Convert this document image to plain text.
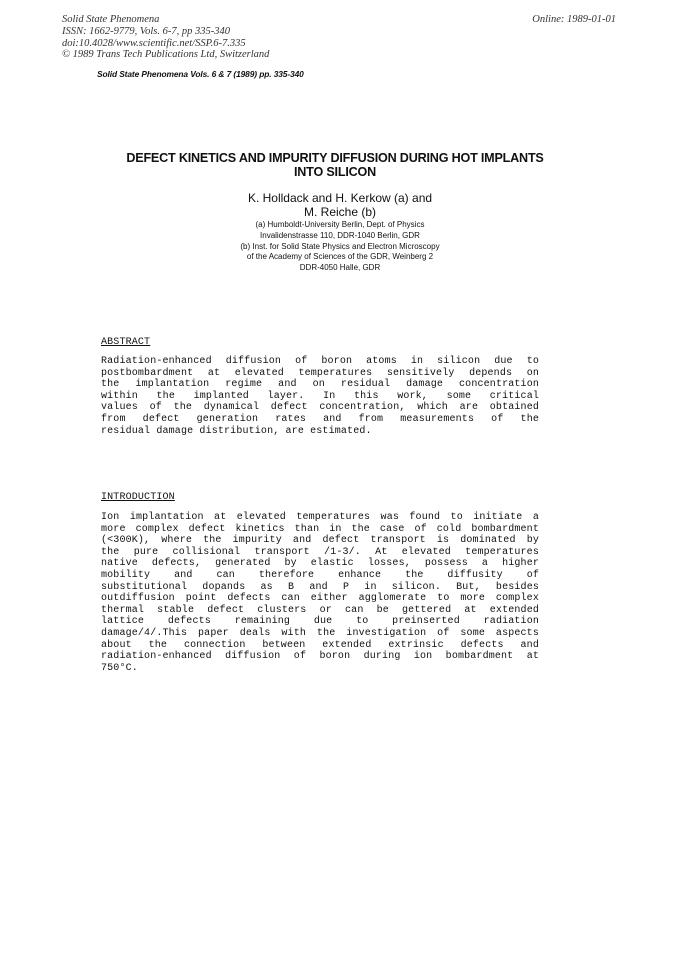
Solid State Phenomena
ISSN: 1662-9779, Vols. 6-7, pp 335-340
doi:10.4028/www.scientific.net/SSP.6-7.335
© 1989 Trans Tech Publications Ltd, Switzerland
Online: 1989-01-01
Solid State Phenomena Vols. 6 & 7 (1989) pp. 335-340
DEFECT KINETICS AND IMPURITY DIFFUSION DURING HOT IMPLANTS
INTO SILICON
K. Holldack and H. Kerkow (a) and
M. Reiche (b)
(a) Humboldt-University Berlin, Dept. of Physics
Invalidenstrasse 110, DDR-1040 Berlin, GDR
(b) Inst. for Solid State Physics and Electron Microscopy
of the Academy of Sciences of the GDR, Weinberg 2
DDR-4050 Halle, GDR
ABSTRACT
Radiation-enhanced diffusion of boron atoms in silicon due to
postbombardment at elevated temperatures sensitively depends on
the implantation regime and on residual damage concentration
within the implanted layer. In this work, some critical
values of the dynamical defect concentration, which are obtained
from defect generation rates and from measurements of the
residual damage distribution, are estimated.
INTRODUCTION
Ion implantation at elevated temperatures was found to initiate a
more complex defect kinetics than in the case of cold bombardment
(<300K), where the impurity and defect transport is dominated by
the pure collisional transport /1-3/. At elevated temperatures
native defects, generated by elastic losses, possess a higher
mobility and can therefore enhance the diffusity of
substitutional dopands as B and P in silicon. But, besides
outdiffusion point defects can either agglomerate to more complex
thermal stable defect clusters or can be gettered at extended
lattice defects remaining due to preinserted radiation
damage/4/.This paper deals with the investigation of some aspects
about the connection between extended extrinsic defects and
radiation-enhanced diffusion of boron during ion bombardment at
750°C.
